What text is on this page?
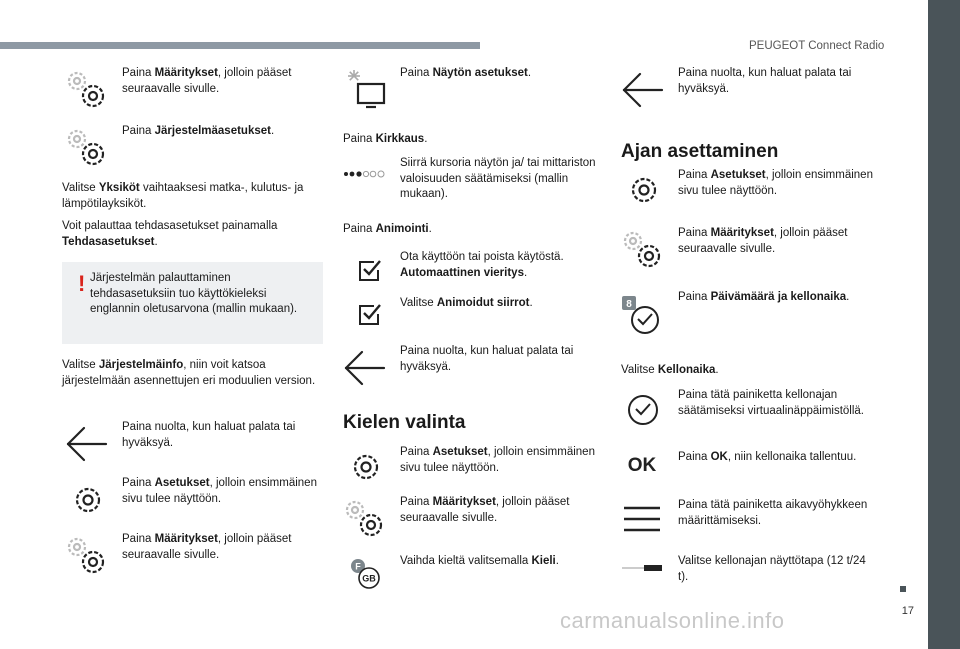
PEUGEOT Connect Radio
17
carmanualsonline.info
Paina Määritykset, jolloin pääset seuraavalle sivulle.
Paina Järjestelmäasetukset.
Valitse Yksiköt vaihtaaksesi matka-, kulutus- ja lämpötilayksiköt.
Voit palauttaa tehdasasetukset painamalla Tehdasasetukset.
! Järjestelmän palauttaminen tehdasasetuksiin tuo käyttökieleksi englannin oletusarvona (mallin mukaan).
Valitse Järjestelmäinfo, niin voit katsoa järjestelmään asennettujen eri moduulien version.
Paina nuolta, kun haluat palata tai hyväksyä.
Paina Asetukset, jolloin ensimmäinen sivu tulee näyttöön.
Paina Määritykset, jolloin pääset seuraavalle sivulle.
Paina Näytön asetukset.
Paina Kirkkaus.
Siirrä kursoria näytön ja/ tai mittariston valoisuuden säätämiseksi (mallin mukaan).
Paina Animointi.
Ota käyttöön tai poista käytöstä. Automaattinen vieritys.
Valitse Animoidut siirrot.
Paina nuolta, kun haluat palata tai hyväksyä.
Kielen valinta
Paina Asetukset, jolloin ensimmäinen sivu tulee näyttöön.
Paina Määritykset, jolloin pääset seuraavalle sivulle.
F
GB
Vaihda kieltä valitsemalla Kieli.
Paina nuolta, kun haluat palata tai hyväksyä.
Ajan asettaminen
Paina Asetukset, jolloin ensimmäinen sivu tulee näyttöön.
Paina Määritykset, jolloin pääset seuraavalle sivulle.
8
Paina Päivämäärä ja kellonaika.
Valitse Kellonaika.
Paina tätä painiketta kellonajan säätämiseksi virtuaalinäppäimistöllä.
OK Paina OK, niin kellonaika tallentuu.
Paina tätä painiketta aikavyöhykkeen määrittämiseksi.
Valitse kellonajan näyttötapa (12 t/24 t).
